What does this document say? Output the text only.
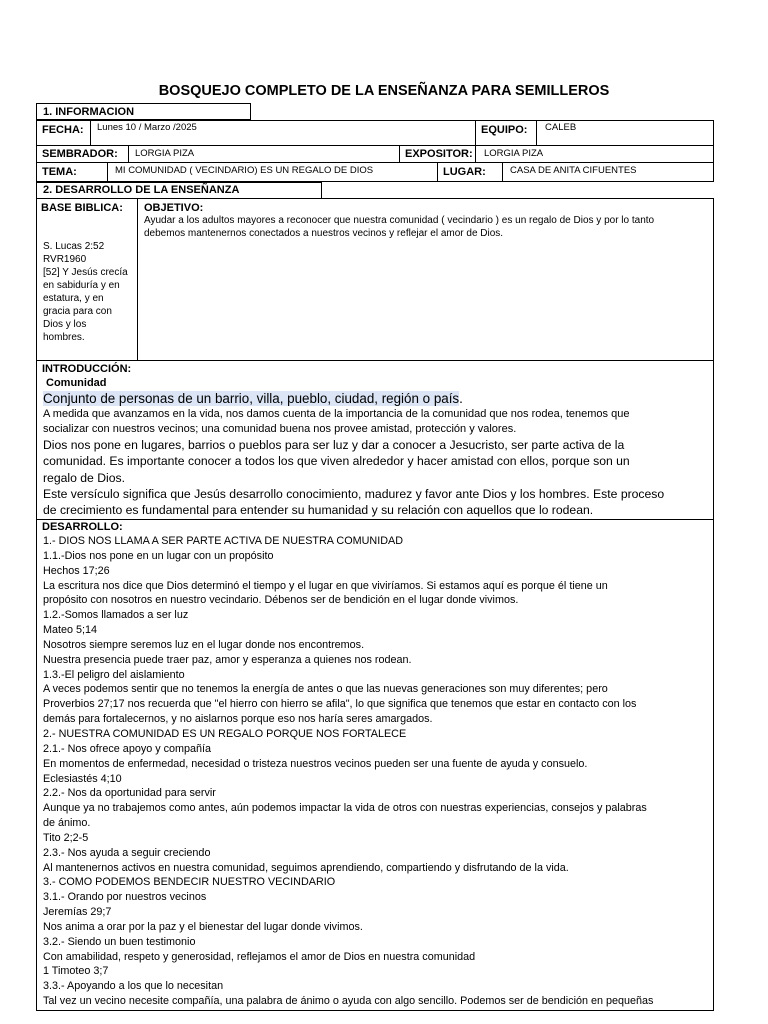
BOSQUEJO COMPLETO DE LA ENSEÑANZA PARA SEMILLEROS
1. INFORMACION
FECHA:	Lunes 10 / Marzo /2025	EQUIPO:	CALEB
SEMBRADOR:	LORGIA PIZA	EXPOSITOR:	LORGIA PIZA
TEMA:	MI COMUNIDAD ( VECINDARIO) ES UN REGALO DE DIOS	LUGAR:	CASA DE ANITA CIFUENTES
2. DESARROLLO DE LA ENSEÑANZA
BASE BIBLICA:
S. Lucas 2:52
RVR1960
[52] Y Jesús crecía
en sabiduría y en
estatura, y en
gracia para con
Dios y los
hombres.
OBJETIVO:
Ayudar a los adultos mayores a reconocer que nuestra comunidad ( vecindario ) es un regalo de Dios y por lo tanto
debemos mantenernos conectados a nuestros vecinos y reflejar el amor de Dios.
INTRODUCCIÓN:
Comunidad
Conjunto de personas de un barrio, villa, pueblo, ciudad, región o país.
A medida que avanzamos en la vida, nos damos cuenta de la importancia de la comunidad que nos rodea, tenemos que
socializar con nuestros vecinos; una comunidad buena nos provee amistad, protección y valores.
Dios nos pone en lugares, barrios o pueblos para ser luz y dar a conocer a Jesucristo, ser parte activa de la
comunidad. Es importante conocer a todos los que viven alrededor y hacer amistad con ellos, porque son un
regalo de Dios.
Este versículo significa que Jesús desarrollo conocimiento, madurez y favor ante Dios y los hombres. Este proceso
de crecimiento es fundamental para entender su humanidad y su relación con aquellos que lo rodean.
DESARROLLO:
1.- DIOS NOS LLAMA A SER PARTE ACTIVA DE NUESTRA COMUNIDAD
1.1.-Dios nos pone en un lugar con un propósito
Hechos 17;26
La escritura nos dice que Dios determinó el tiempo y el lugar en que viviríamos. Si estamos aquí es porque él tiene un
propósito con nosotros en nuestro vecindario. Débenos ser de bendición en el lugar donde vivimos.
1.2.-Somos llamados a ser luz
Mateo 5;14
Nosotros siempre seremos luz en el lugar donde nos encontremos.
Nuestra presencia puede traer paz, amor y esperanza a quienes nos rodean.
1.3.-El peligro del aislamiento
A veces podemos sentir que no tenemos la energía de antes o que las nuevas generaciones son muy diferentes; pero
Proverbios 27;17 nos recuerda que "el hierro con hierro se afila", lo que significa que tenemos que estar en contacto con los
demás para fortalecernos, y no aislarnos porque eso nos haría seres amargados.
2.- NUESTRA COMUNIDAD ES UN REGALO PORQUE NOS FORTALECE
2.1.- Nos ofrece apoyo y compañía
En momentos de enfermedad, necesidad o tristeza nuestros vecinos pueden ser una fuente de ayuda y consuelo.
Eclesiastés 4;10
2.2.- Nos da oportunidad para servir
Aunque ya no trabajemos como antes, aún podemos impactar la vida de otros con nuestras experiencias, consejos y palabras
de ánimo.
Tito 2;2-5
2.3.- Nos ayuda a seguir creciendo
Al mantenernos activos en nuestra comunidad, seguimos aprendiendo, compartiendo y disfrutando de la vida.
3.- COMO PODEMOS BENDECIR NUESTRO VECINDARIO
3.1.- Orando por nuestros vecinos
Jeremías 29;7
Nos anima a orar por la paz y el bienestar del lugar donde vivimos.
3.2.- Siendo un buen testimonio
Con amabilidad, respeto y generosidad, reflejamos el amor de Dios en nuestra comunidad
1 Timoteo 3;7
3.3.- Apoyando a los que lo necesitan
Tal vez un vecino necesite compañía, una palabra de ánimo o ayuda con algo sencillo. Podemos ser de bendición en pequeñas
